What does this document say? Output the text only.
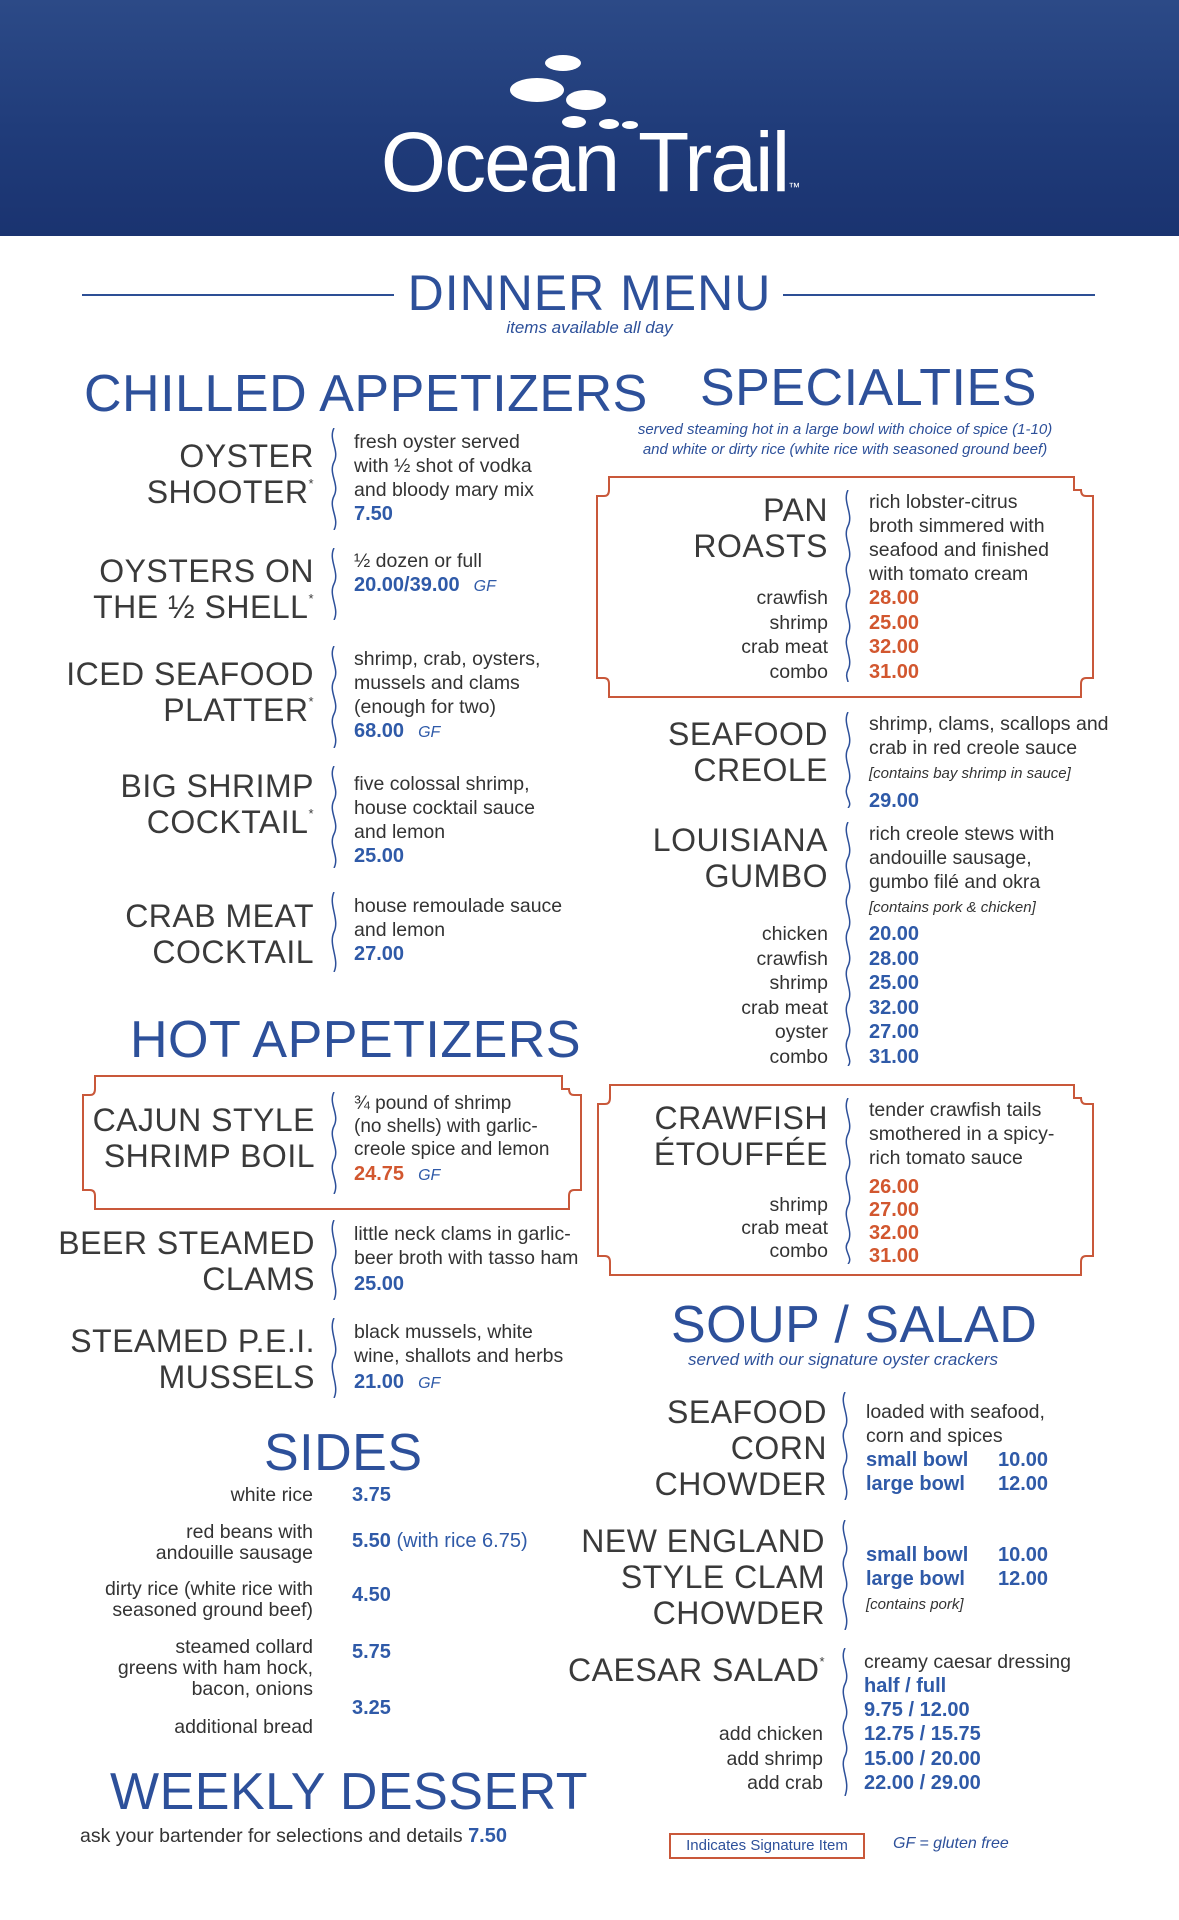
Ocean Trail™
DINNER MENU
items available all day
CHILLED APPETIZERS
OYSTER
SHOOTER*
fresh oyster served
with ½ shot of vodka
and bloody mary mix
7.50
OYSTERS ON
THE ½ SHELL*
½ dozen or full
20.00/39.00 GF
ICED SEAFOOD
PLATTER*
shrimp, crab, oysters,
mussels and clams
(enough for two)
68.00 GF
BIG SHRIMP
COCKTAIL*
five colossal shrimp,
house cocktail sauce
and lemon
25.00
CRAB MEAT
COCKTAIL
house remoulade sauce
and lemon
27.00
HOT APPETIZERS
CAJUN STYLE
SHRIMP BOIL
¾ pound of shrimp
(no shells) with garlic-
creole spice and lemon
24.75 GF
BEER STEAMED
CLAMS
little neck clams in garlic-
beer broth with tasso ham
25.00
STEAMED P.E.I.
MUSSELS
black mussels, white
wine, shallots and herbs
21.00 GF
SIDES
white rice 3.75
red beans with
andouille sausage
5.50 (with rice 6.75)
dirty rice (white rice with
seasoned ground beef)
4.50
steamed collard
greens with ham hock,
bacon, onions
5.75
additional bread
3.25
WEEKLY DESSERT
ask your bartender for selections and details 7.50
SPECIALTIES
served steaming hot in a large bowl with choice of spice (1-10)
and white or dirty rice (white rice with seasoned ground beef)
PAN
ROASTS
crawfish
shrimp
crab meat
combo
rich lobster-citrus
broth simmered with
seafood and finished
with tomato cream
28.00
25.00
32.00
31.00
SEAFOOD
CREOLE
shrimp, clams, scallops and
crab in red creole sauce
[contains bay shrimp in sauce]
29.00
LOUISIANA
GUMBO
chicken
crawfish
shrimp
crab meat
oyster
combo
rich creole stews with
andouille sausage,
gumbo filé and okra
[contains pork & chicken]
20.00
28.00
25.00
32.00
27.00
31.00
CRAWFISH
ÉTOUFFÉE
shrimp
crab meat
combo
tender crawfish tails
smothered in a spicy-
rich tomato sauce
26.00
27.00
32.00
31.00
SOUP / SALAD
served with our signature oyster crackers
SEAFOOD
CORN
CHOWDER
loaded with seafood,
corn and spices
small bowl 10.00
large bowl 12.00
NEW ENGLAND
STYLE CLAM
CHOWDER
small bowl 10.00
large bowl 12.00
[contains pork]
CAESAR SALAD*
add chicken
add shrimp
add crab
creamy caesar dressing
half / full
9.75 / 12.00
12.75 / 15.75
15.00 / 20.00
22.00 / 29.00
Indicates Signature Item	GF = gluten free
